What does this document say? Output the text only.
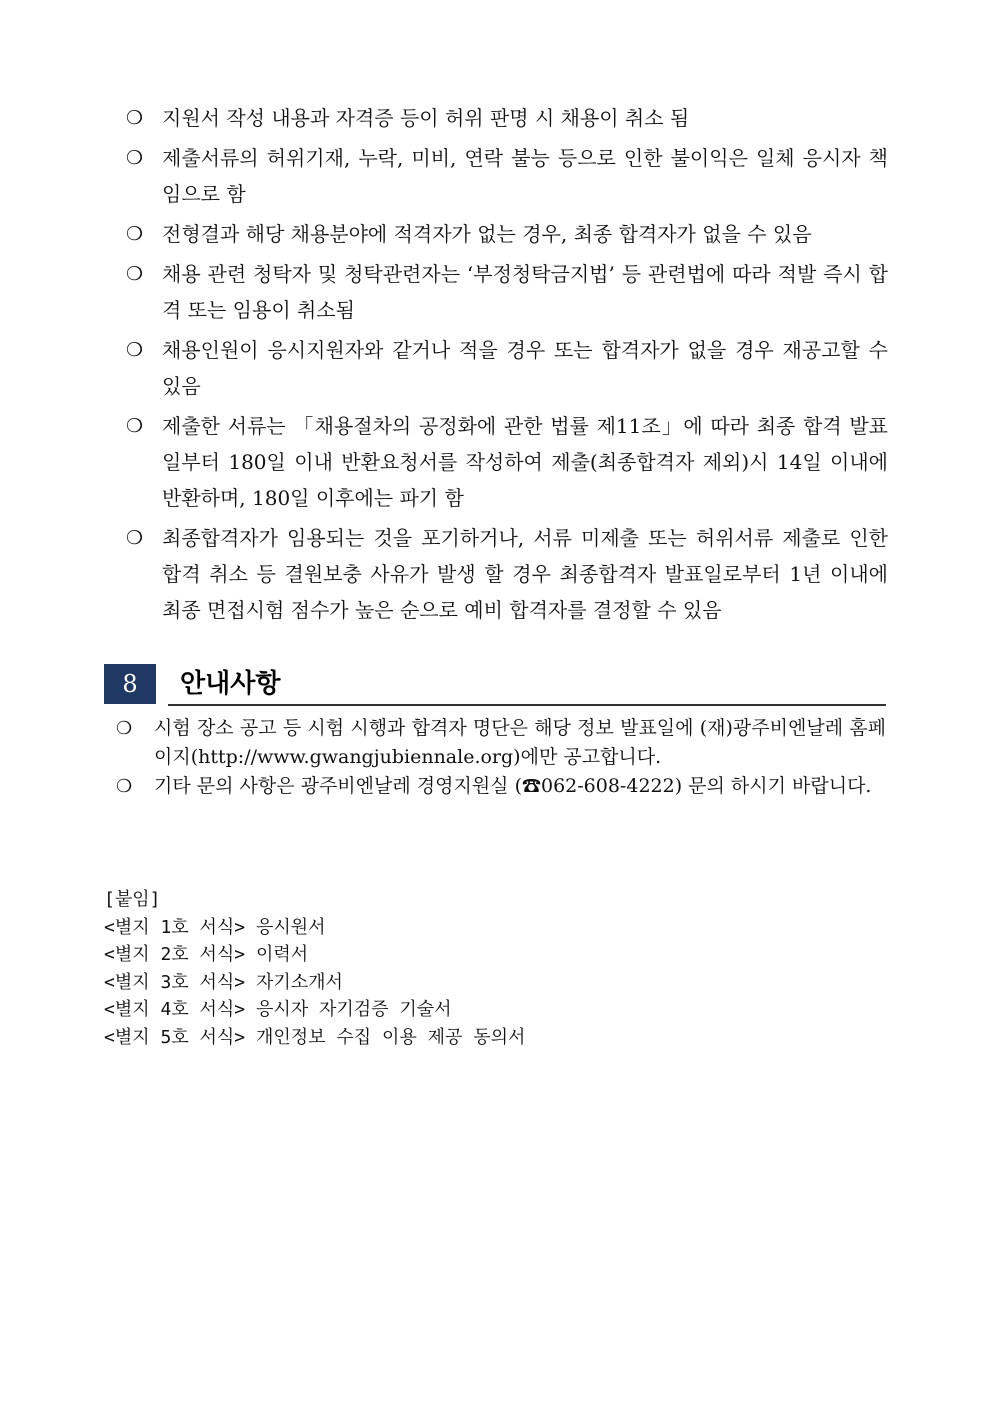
❍ 지원서 작성 내용과 자격증 등이 허위 판명 시 채용이 취소 됨
❍ 제출서류의 허위기재, 누락, 미비, 연락 불능 등으로 인한 불이익은 일체 응시자 책임으로 함
❍ 전형결과 해당 채용분야에 적격자가 없는 경우, 최종 합격자가 없을 수 있음
❍ 채용 관련 청탁자 및 청탁관련자는 ‘부정청탁금지법’ 등 관련법에 따라 적발 즉시 합격 또는 임용이 취소됨
❍ 채용인원이 응시지원자와 같거나 적을 경우 또는 합격자가 없을 경우 재공고할 수 있음
❍ 제출한 서류는 「채용절차의 공정화에 관한 법률 제11조」에 따라 최종 합격 발표일부터 180일 이내 반환요청서를 작성하여 제출(최종합격자 제외)시 14일 이내에 반환하며, 180일 이후에는 파기 함
❍ 최종합격자가 임용되는 것을 포기하거나, 서류 미제출 또는 허위서류 제출로 인한 합격 취소 등 결원보충 사유가 발생 할 경우 최종합격자 발표일로부터 1년 이내에 최종 면접시험 점수가 높은 순으로 예비 합격자를 결정할 수 있음
8	안내사항
❍ 시험 장소 공고 등 시험 시행과 합격자 명단은 해당 정보 발표일에 (재)광주비엔날레 홈페이지(http://www.gwangjubiennale.org)에만 공고합니다.
❍ 기타 문의 사항은 광주비엔날레 경영지원실 (☎062-608-4222) 문의 하시기 바랍니다.
[붙임]
<별지 1호 서식> 응시원서
<별지 2호 서식> 이력서
<별지 3호 서식> 자기소개서
<별지 4호 서식> 응시자 자기검증 기술서
<별지 5호 서식> 개인정보 수집 이용 제공 동의서
